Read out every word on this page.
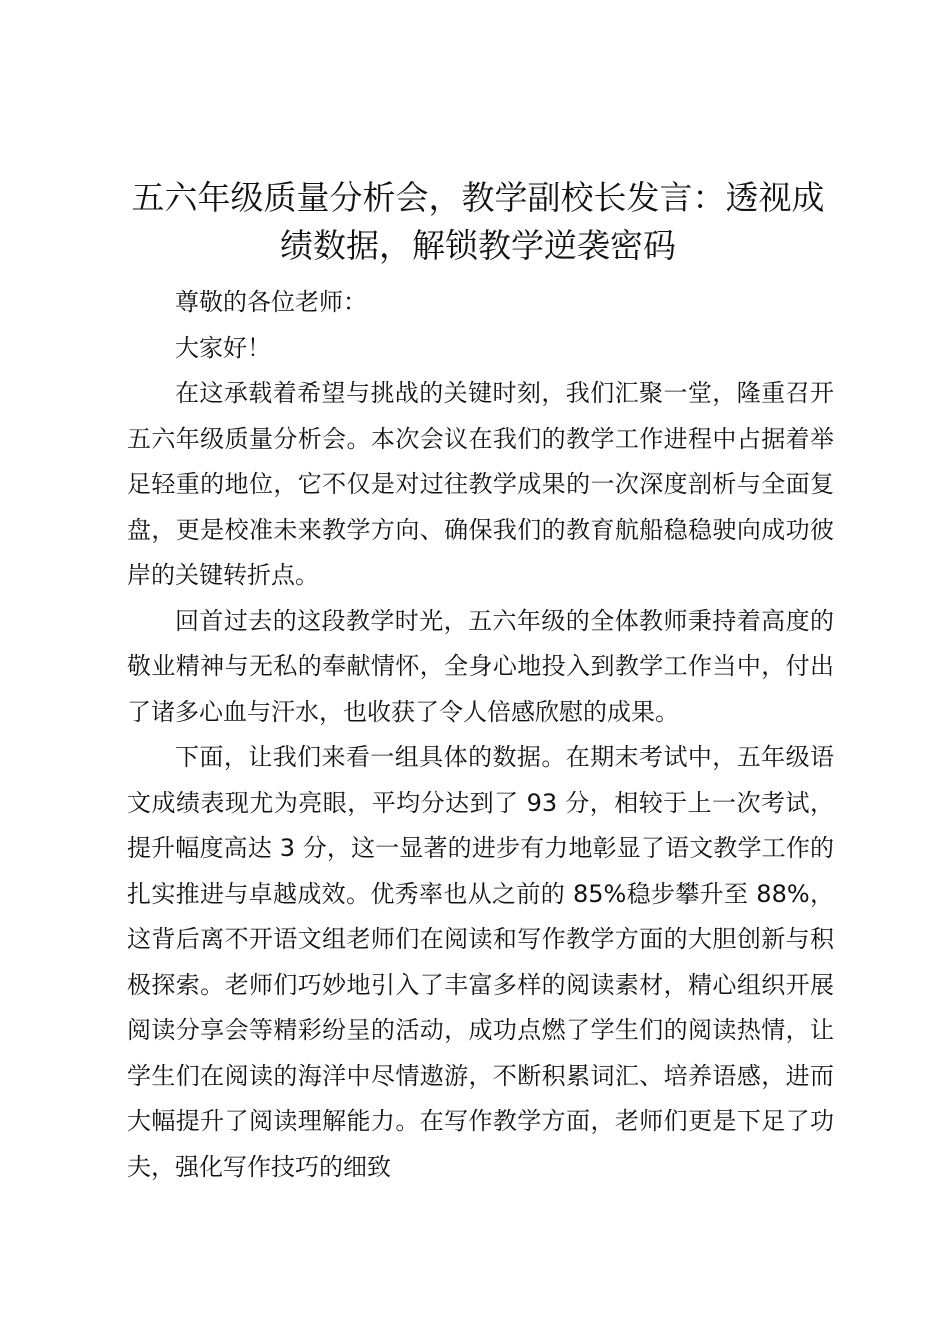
五六年级质量分析会，教学副校长发言：透视成绩数据，解锁教学逆袭密码

尊敬的各位老师：

大家好！

在这承载着希望与挑战的关键时刻，我们汇聚一堂，隆重召开五六年级质量分析会。本次会议在我们的教学工作进程中占据着举足轻重的地位，它不仅是对过往教学成果的一次深度剖析与全面复盘，更是校准未来教学方向、确保我们的教育航船稳稳驶向成功彼岸的关键转折点。

回首过去的这段教学时光，五六年级的全体教师秉持着高度的敬业精神与无私的奉献情怀，全身心地投入到教学工作当中，付出了诸多心血与汗水，也收获了令人倍感欣慰的成果。

下面，让我们来看一组具体的数据。在期末考试中，五年级语文成绩表现尤为亮眼，平均分达到了 93 分，相较于上一次考试，提升幅度高达 3 分，这一显著的进步有力地彰显了语文教学工作的扎实推进与卓越成效。优秀率也从之前的 85%稳步攀升至 88%，这背后离不开语文组老师们在阅读和写作教学方面的大胆创新与积极探索。老师们巧妙地引入了丰富多样的阅读素材，精心组织开展阅读分享会等精彩纷呈的活动，成功点燃了学生们的阅读热情，让学生们在阅读的海洋中尽情遨游，不断积累词汇、培养语感，进而大幅提升了阅读理解能力。在写作教学方面，老师们更是下足了功夫，强化写作技巧的细致
